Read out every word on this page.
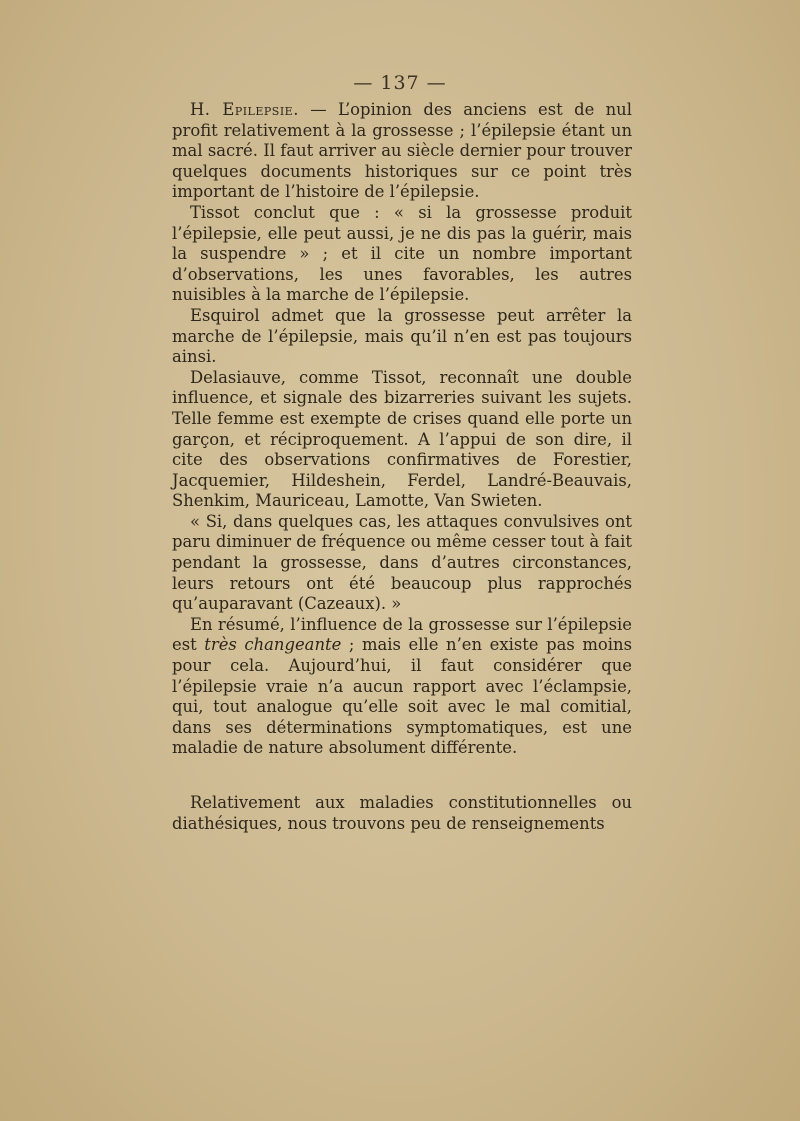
— 137 —

H. Epilepsie. — L’opinion des anciens est de nul profit relativement à la grossesse ; l’épilepsie étant un mal sacré. Il faut arriver au siècle dernier pour trouver quelques documents historiques sur ce point très important de l’histoire de l’épilepsie.

Tissot conclut que : « si la grossesse produit l’épilepsie, elle peut aussi, je ne dis pas la guérir, mais la suspendre » ; et il cite un nombre important d’observations, les unes favorables, les autres nuisibles à la marche de l’épilepsie.

Esquirol admet que la grossesse peut arrêter la marche de l’épilepsie, mais qu’il n’en est pas toujours ainsi.

Delasiauve, comme Tissot, reconnaît une double influence, et signale des bizarreries suivant les sujets. Telle femme est exempte de crises quand elle porte un garçon, et réciproquement. A l’appui de son dire, il cite des observations confirmatives de Forestier, Jacquemier, Hildeshein, Ferdel, Landré-Beauvais, Shenkim, Mauriceau, Lamotte, Van Swieten.

« Si, dans quelques cas, les attaques convulsives ont paru diminuer de fréquence ou même cesser tout à fait pendant la grossesse, dans d’autres circonstances, leurs retours ont été beaucoup plus rapprochés qu’auparavant (Cazeaux). »

En résumé, l’influence de la grossesse sur l’épilepsie est très changeante ; mais elle n’en existe pas moins pour cela. Aujourd’hui, il faut considérer que l’épilepsie vraie n’a aucun rapport avec l’éclampsie, qui, tout analogue qu’elle soit avec le mal comitial, dans ses déterminations symptomatiques, est une maladie de nature absolument différente.

Relativement aux maladies constitutionnelles ou diathésiques, nous trouvons peu de renseignements
